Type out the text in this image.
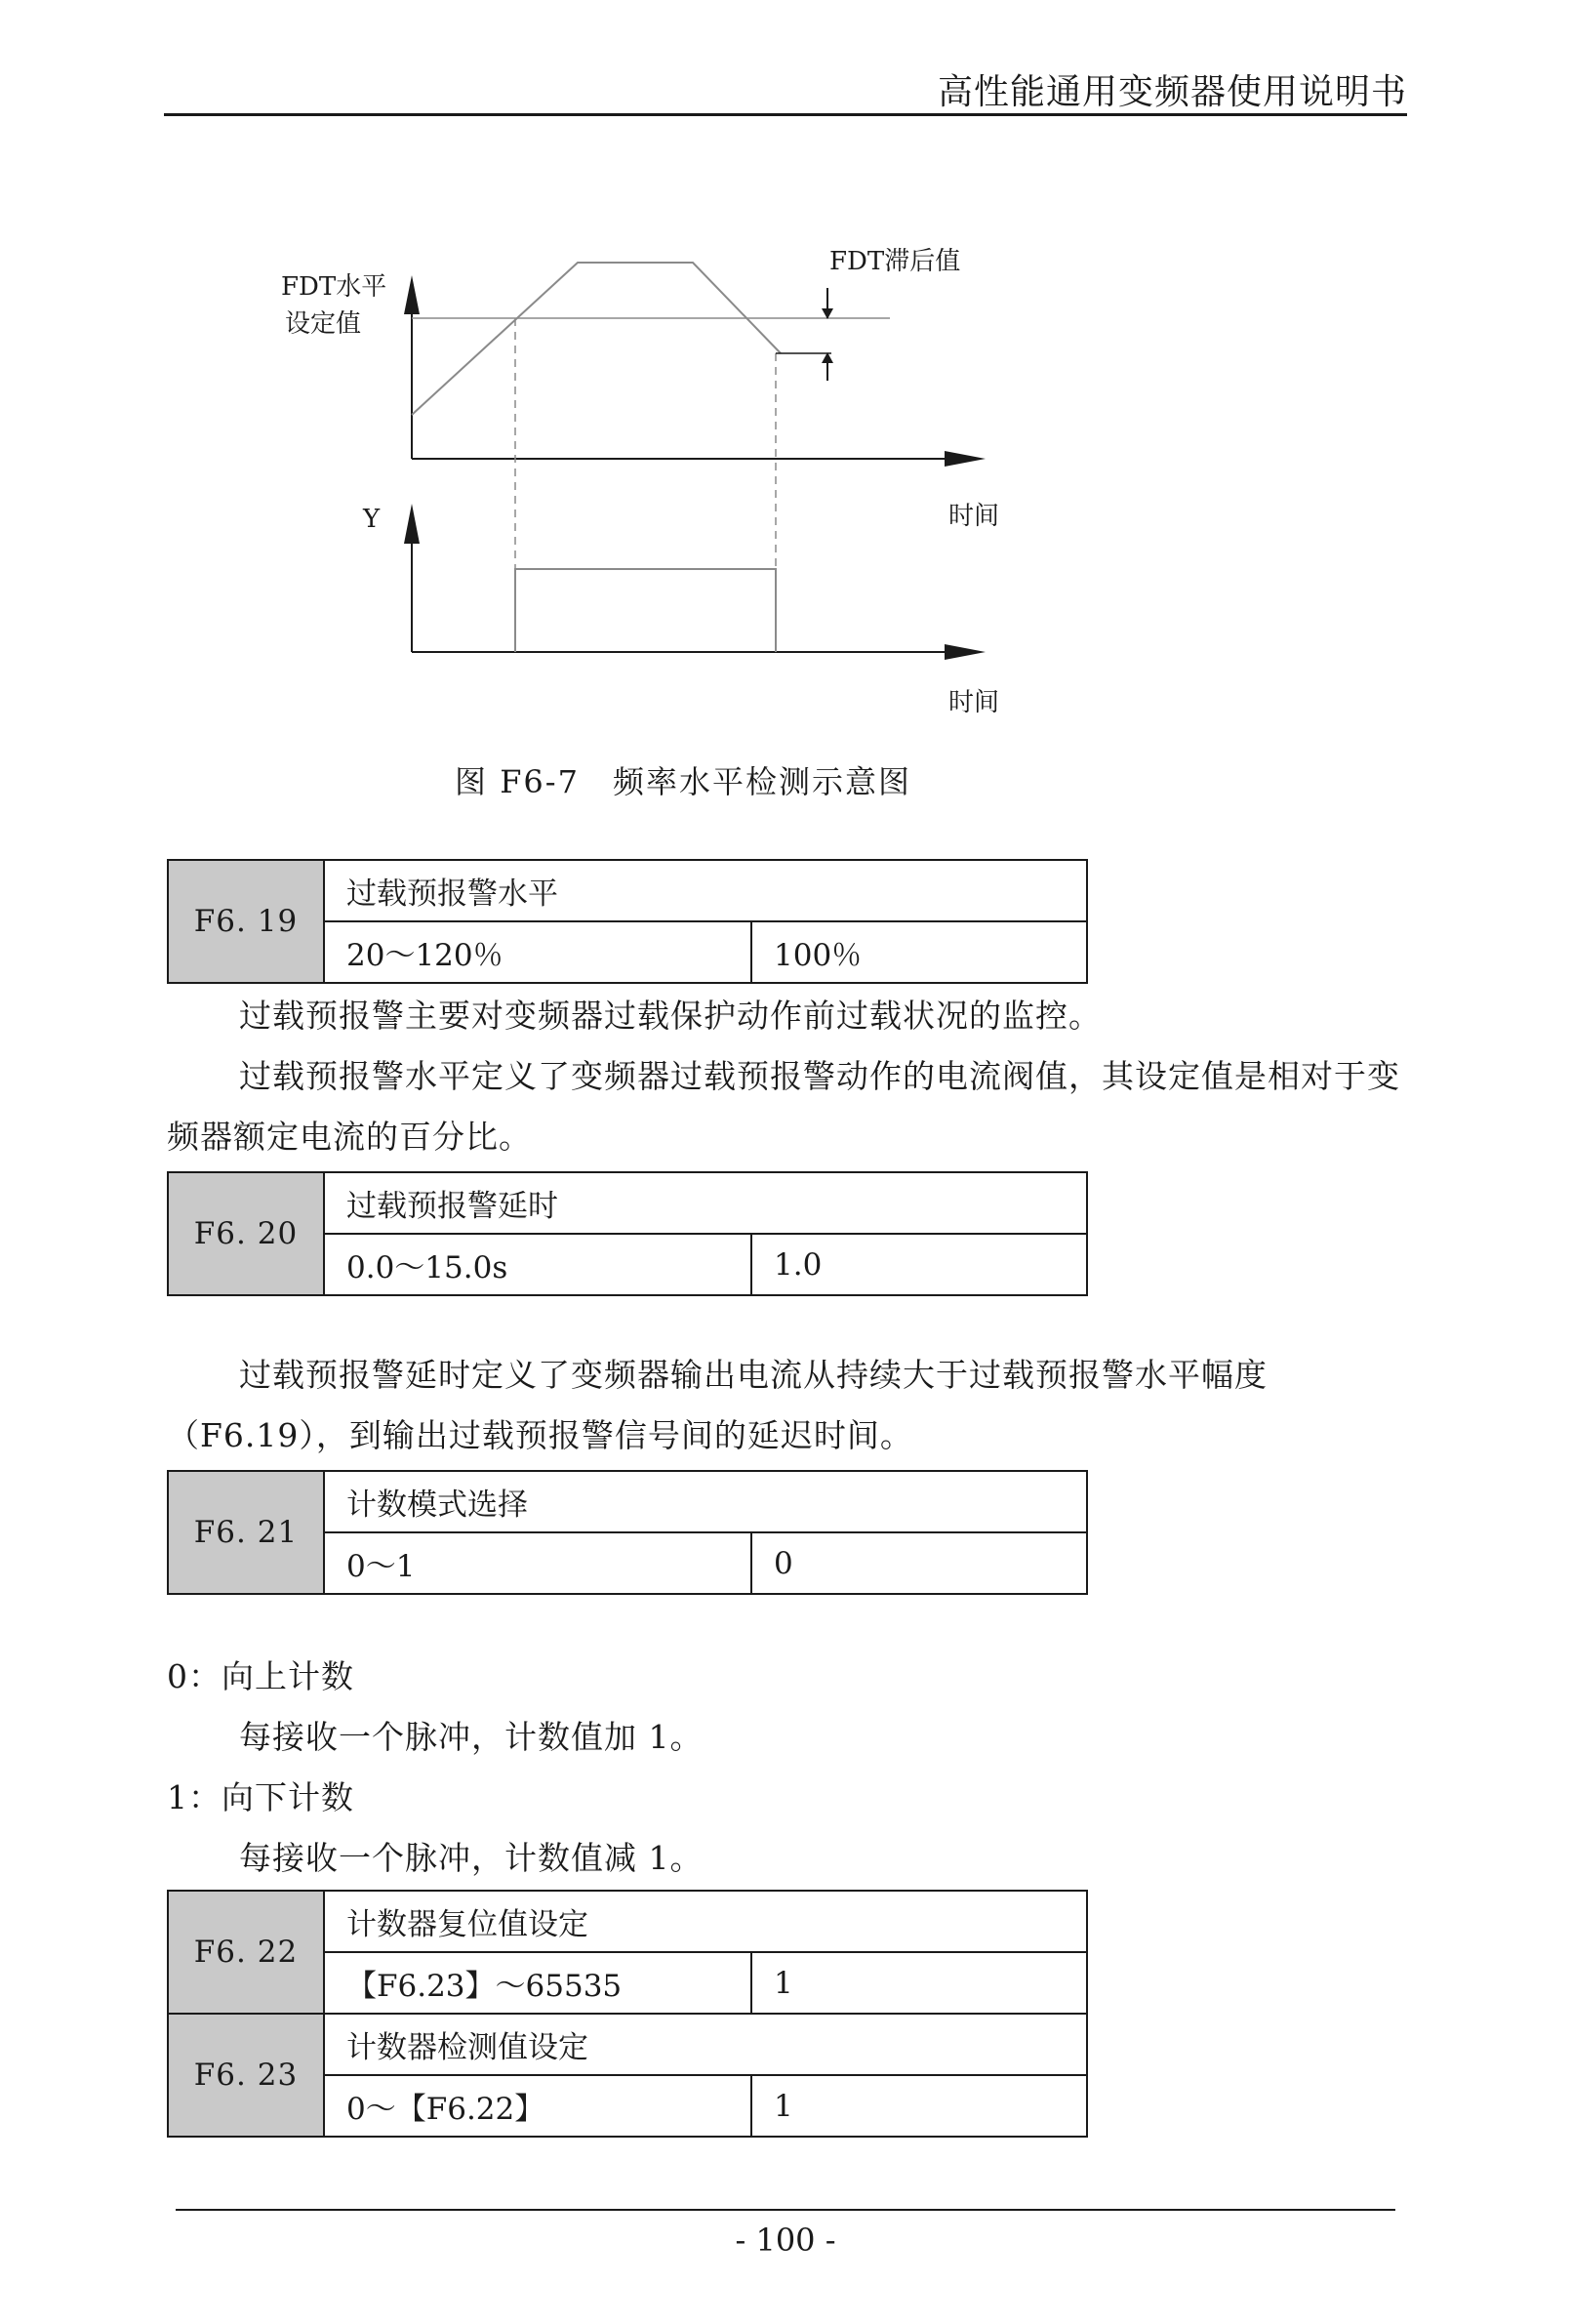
高性能通用变频器使用说明书
FDT水平
设定值
FDT滞后值
时间
Y
时间
图 F6-7　频率水平检测示意图
F6. 19	过载预报警水平	
	20～120％	100％
过载预报警主要对变频器过载保护动作前过载状况的监控。
过载预报警水平定义了变频器过载预报警动作的电流阀值，其设定值是相对于变频器额定电流的百分比。
F6. 20	过载预报警延时	
	0.0～15.0s	1.0
过载预报警延时定义了变频器输出电流从持续大于过载预报警水平幅度（F6.19），到输出过载预报警信号间的延迟时间。
F6. 21	计数模式选择	
	0～1	0
0：向上计数
每接收一个脉冲，计数值加 1。
1：向下计数
每接收一个脉冲，计数值减 1。
F6. 22	计数器复位值设定	
	【F6.23】～65535	1
F6. 23	计数器检测值设定	
	0～【F6.22】	1
- 100 -
